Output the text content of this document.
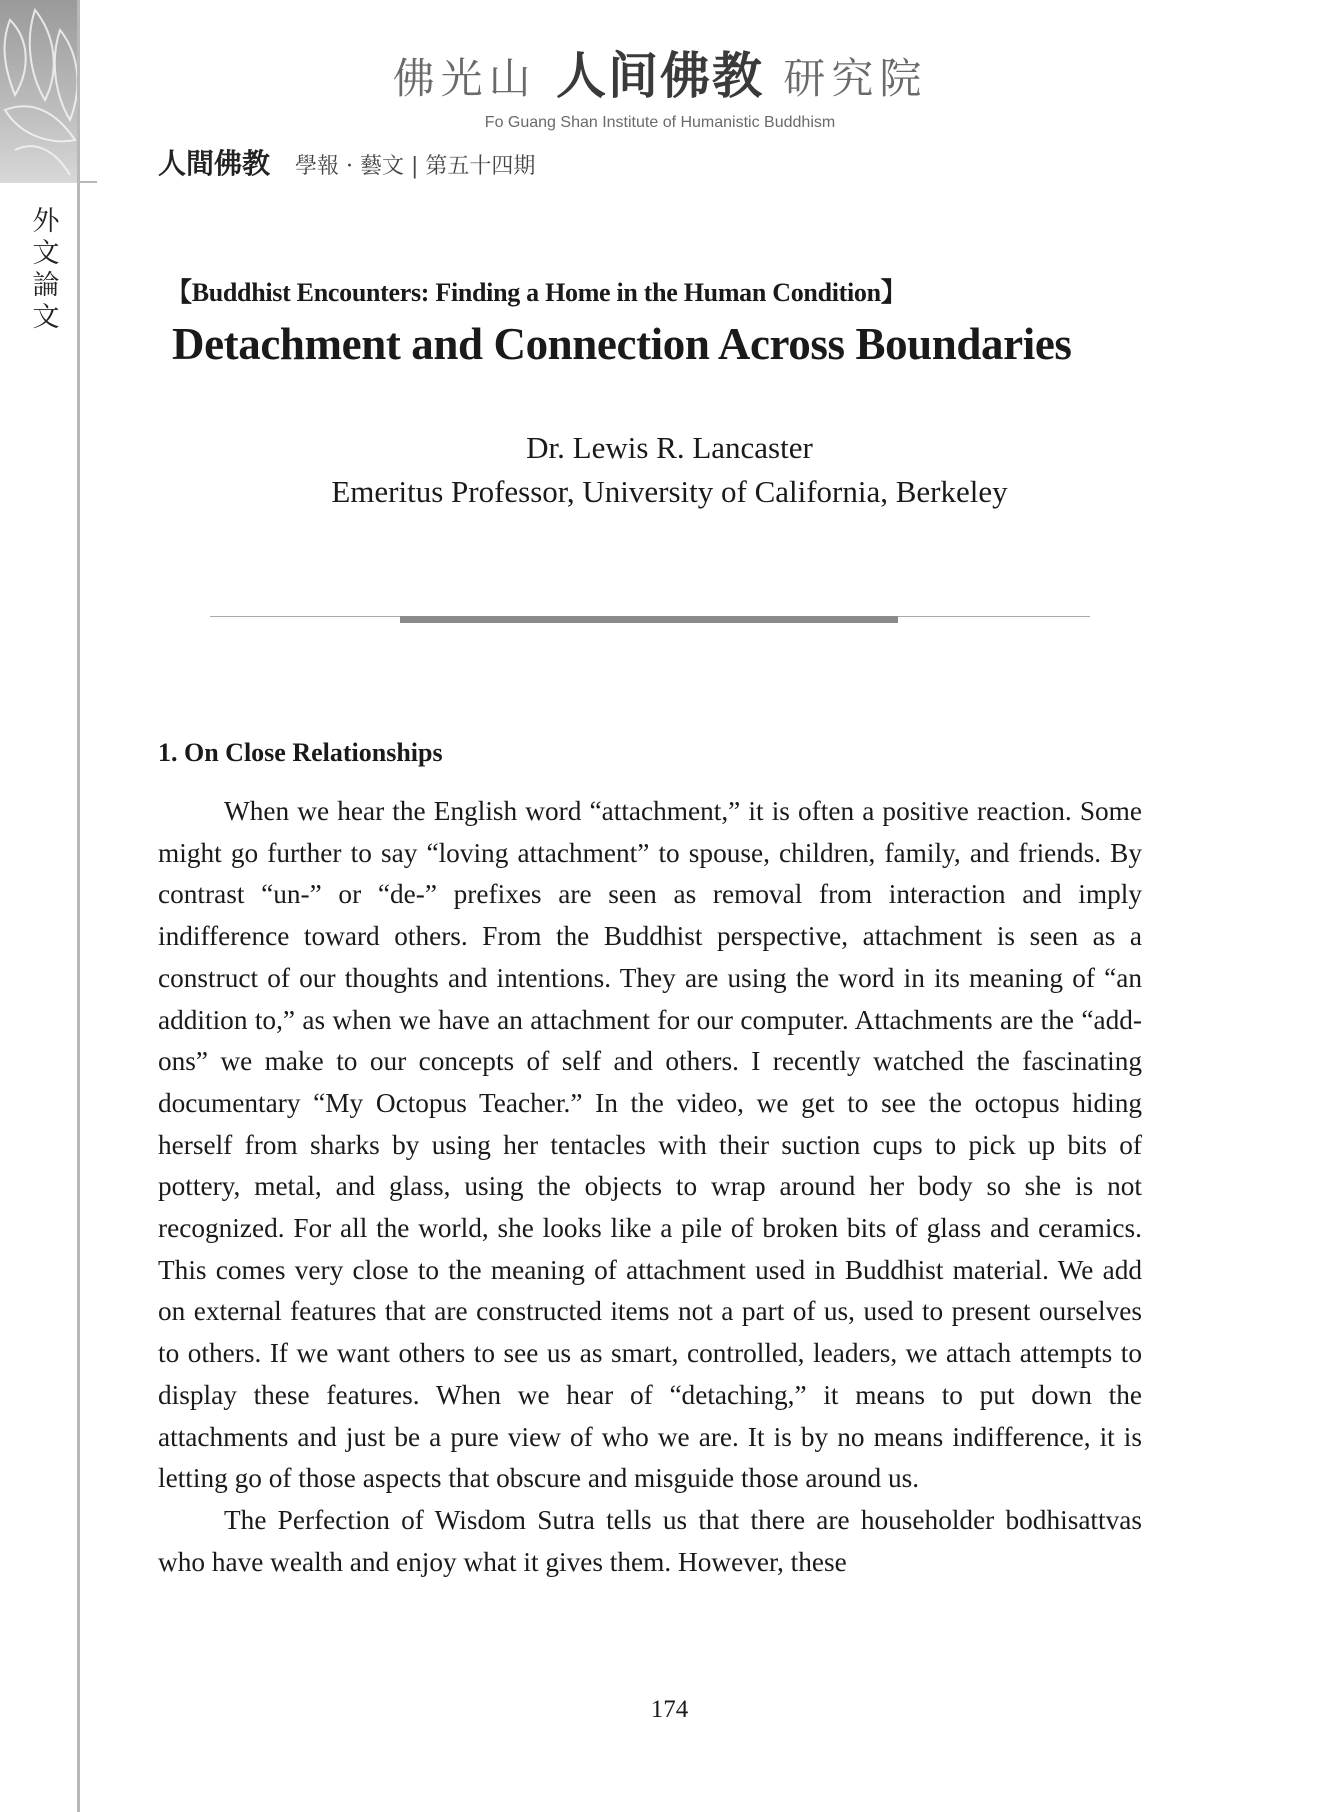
外文論文
佛光山 人间佛教 研究院
Fo Guang Shan Institute of Humanistic Buddhism
人間佛教 學報 · 藝文 | 第五十四期
【Buddhist Encounters: Finding a Home in the Human Condition】
Detachment and Connection Across Boundaries
Dr. Lewis R. Lancaster
Emeritus Professor, University of California, Berkeley
1. On Close Relationships

When we hear the English word “attachment,” it is often a positive reaction. Some might go further to say “loving attachment” to spouse, children, family, and friends. By contrast “un-” or “de-” prefixes are seen as removal from interaction and imply indifference toward others. From the Buddhist perspective, attachment is seen as a construct of our thoughts and intentions. They are using the word in its meaning of “an addition to,” as when we have an attachment for our computer. Attachments are the “add-ons” we make to our concepts of self and others. I recently watched the fascinating documentary “My Octopus Teacher.” In the video, we get to see the octopus hiding herself from sharks by using her tentacles with their suction cups to pick up bits of pottery, metal, and glass, using the objects to wrap around her body so she is not recognized. For all the world, she looks like a pile of broken bits of glass and ceramics. This comes very close to the meaning of attachment used in Buddhist material. We add on external features that are constructed items not a part of us, used to present ourselves to others. If we want others to see us as smart, controlled, leaders, we attach attempts to display these features. When we hear of “detaching,” it means to put down the attachments and just be a pure view of who we are. It is by no means indifference, it is letting go of those aspects that obscure and misguide those around us.

The Perfection of Wisdom Sutra tells us that there are householder bodhisattvas who have wealth and enjoy what it gives them. However, these

174
